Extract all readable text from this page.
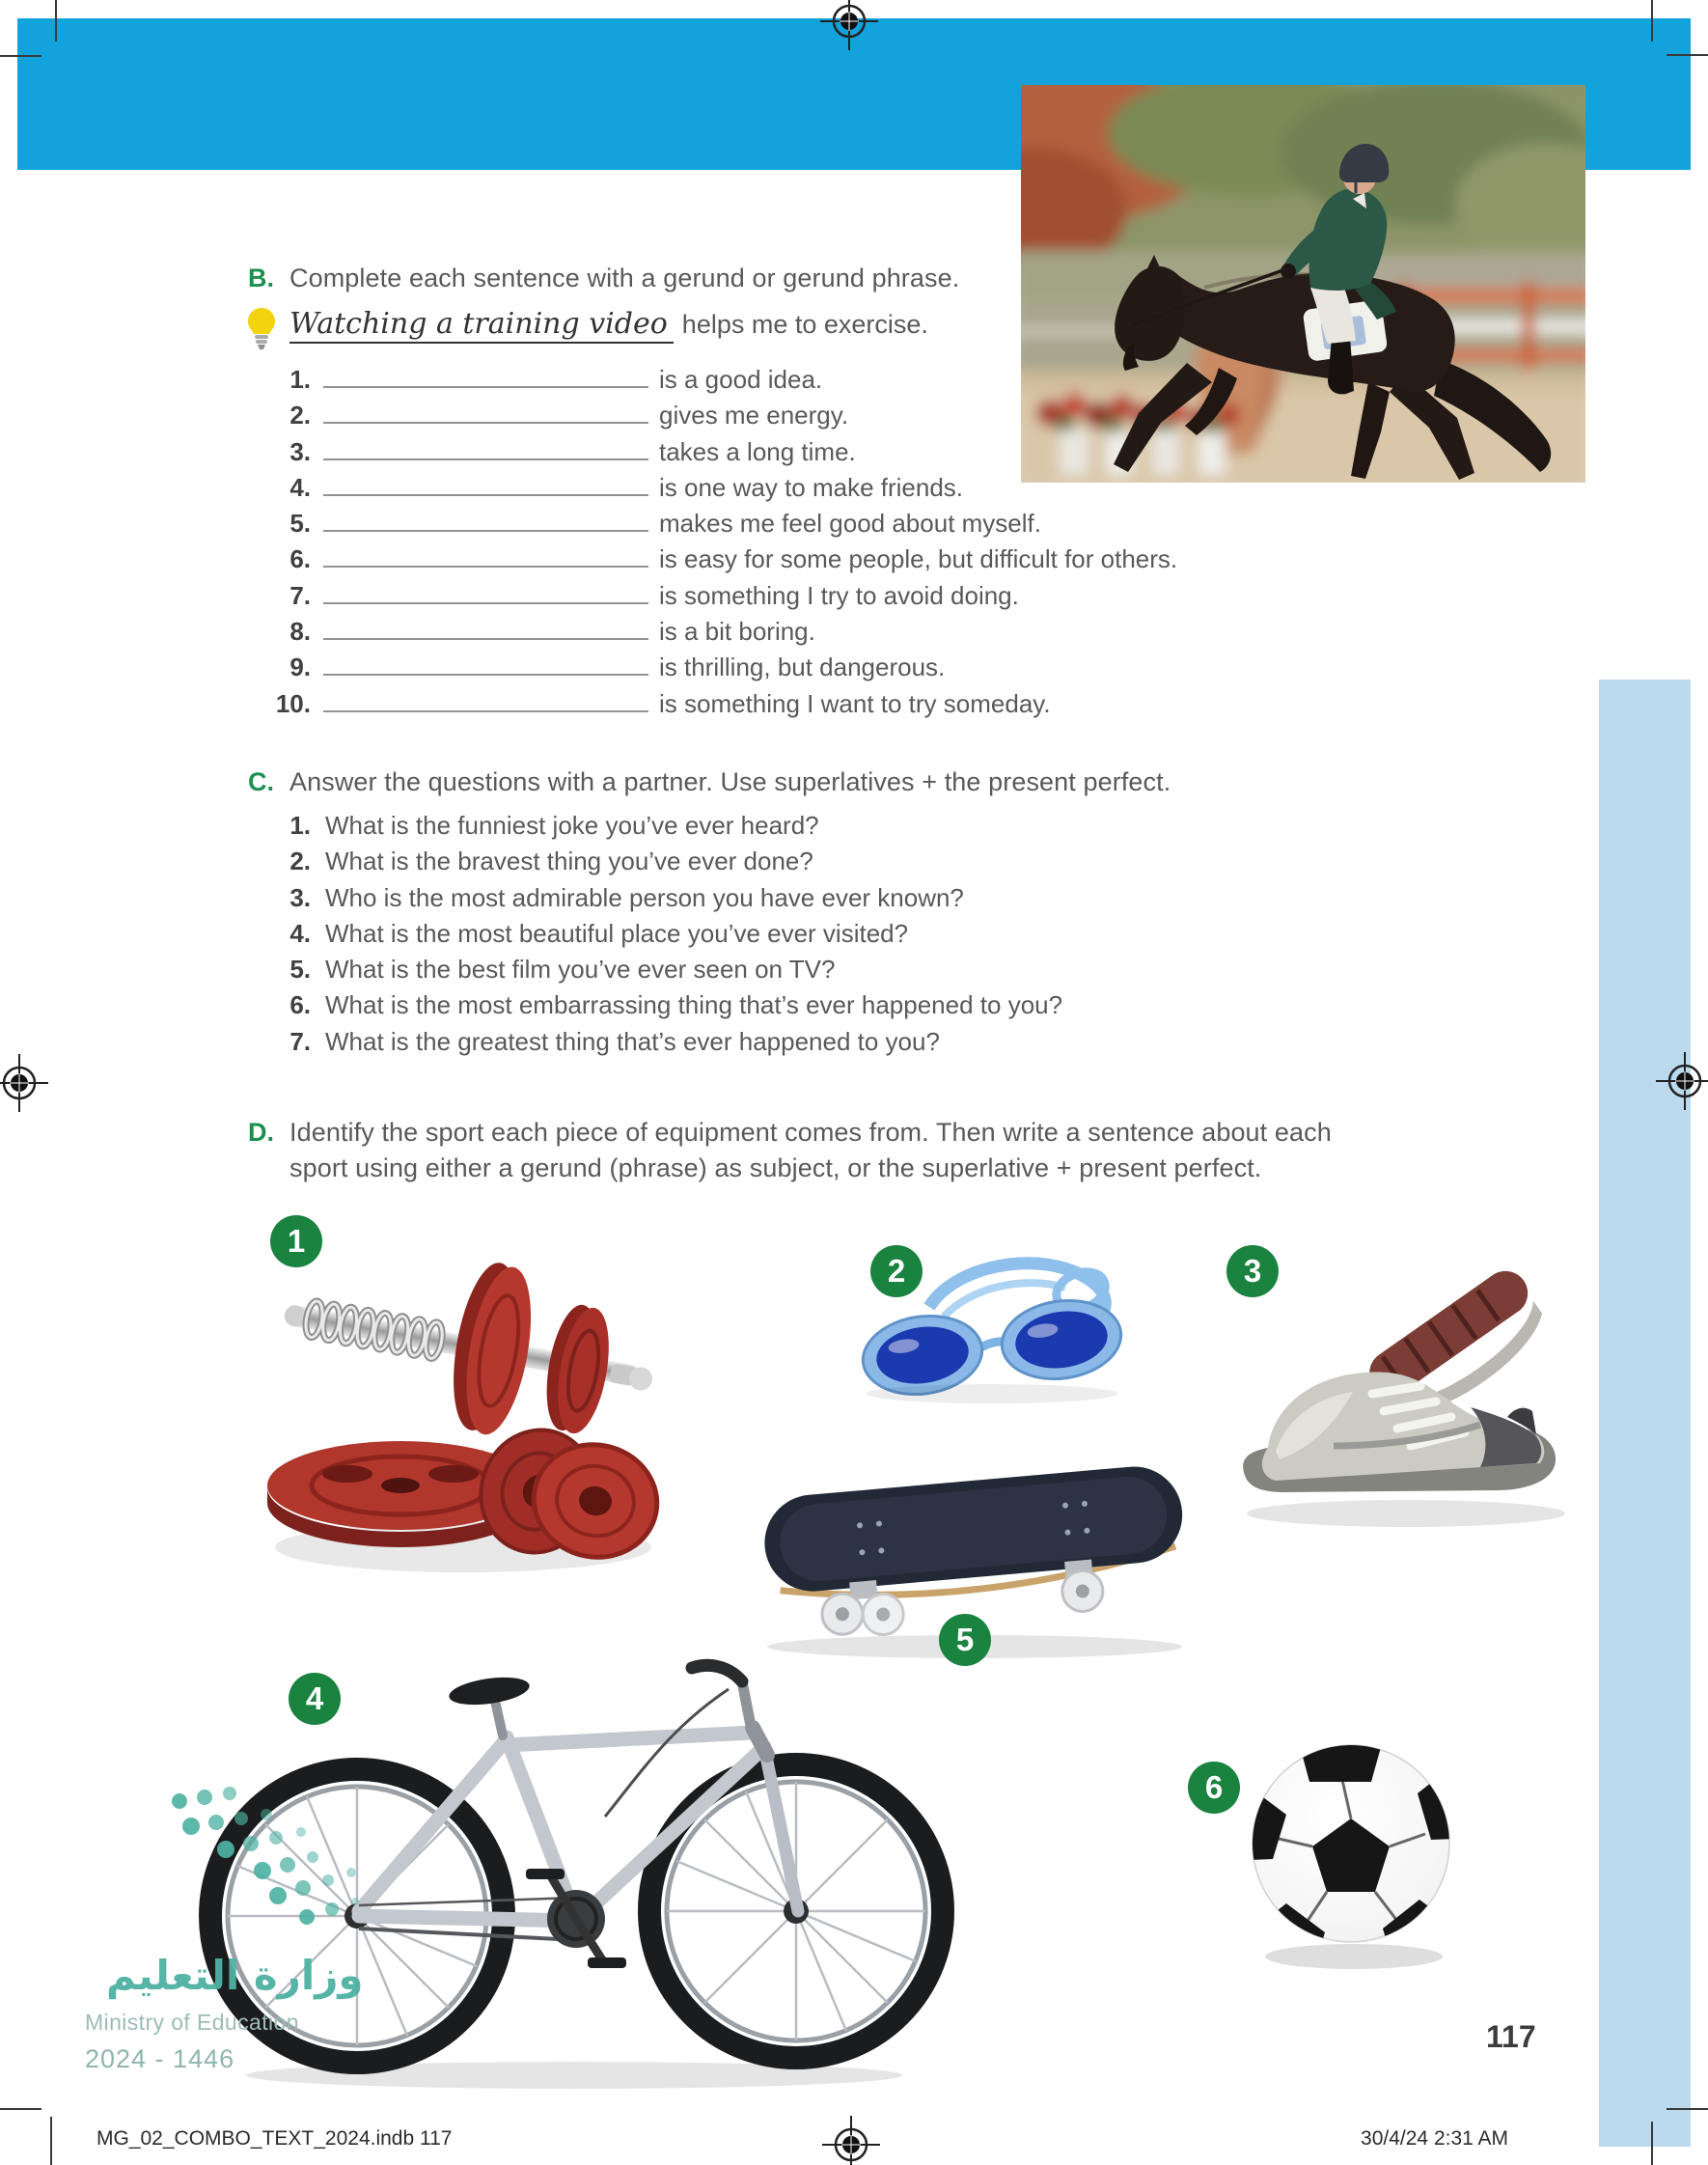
B. Complete each sentence with a gerund or gerund phrase.
Watching a training video helps me to exercise.
1.	is a good idea.
2.	gives me energy.
3.	takes a long time.
4.	is one way to make friends.
5.	makes me feel good about myself.
6.	is easy for some people, but difficult for others.
7.	is something I try to avoid doing.
8.	is a bit boring.
9.	is thrilling, but dangerous.
10.	is something I want to try someday.
C. Answer the questions with a partner. Use superlatives + the present perfect.
1. What is the funniest joke you’ve ever heard?
2. What is the bravest thing you’ve ever done?
3. Who is the most admirable person you have ever known?
4. What is the most beautiful place you’ve ever visited?
5. What is the best film you’ve ever seen on TV?
6. What is the most embarrassing thing that’s ever happened to you?
7. What is the greatest thing that’s ever happened to you?
D. Identify the sport each piece of equipment comes from. Then write a sentence about each sport using either a gerund (phrase) as subject, or the superlative + present perfect.
1
2	3
4
5
6
وزارة التعليم
Ministry of Education
2024 - 1446
117
MG_02_COMBO_TEXT_2024.indb 117	30/4/24 2:31 AM
